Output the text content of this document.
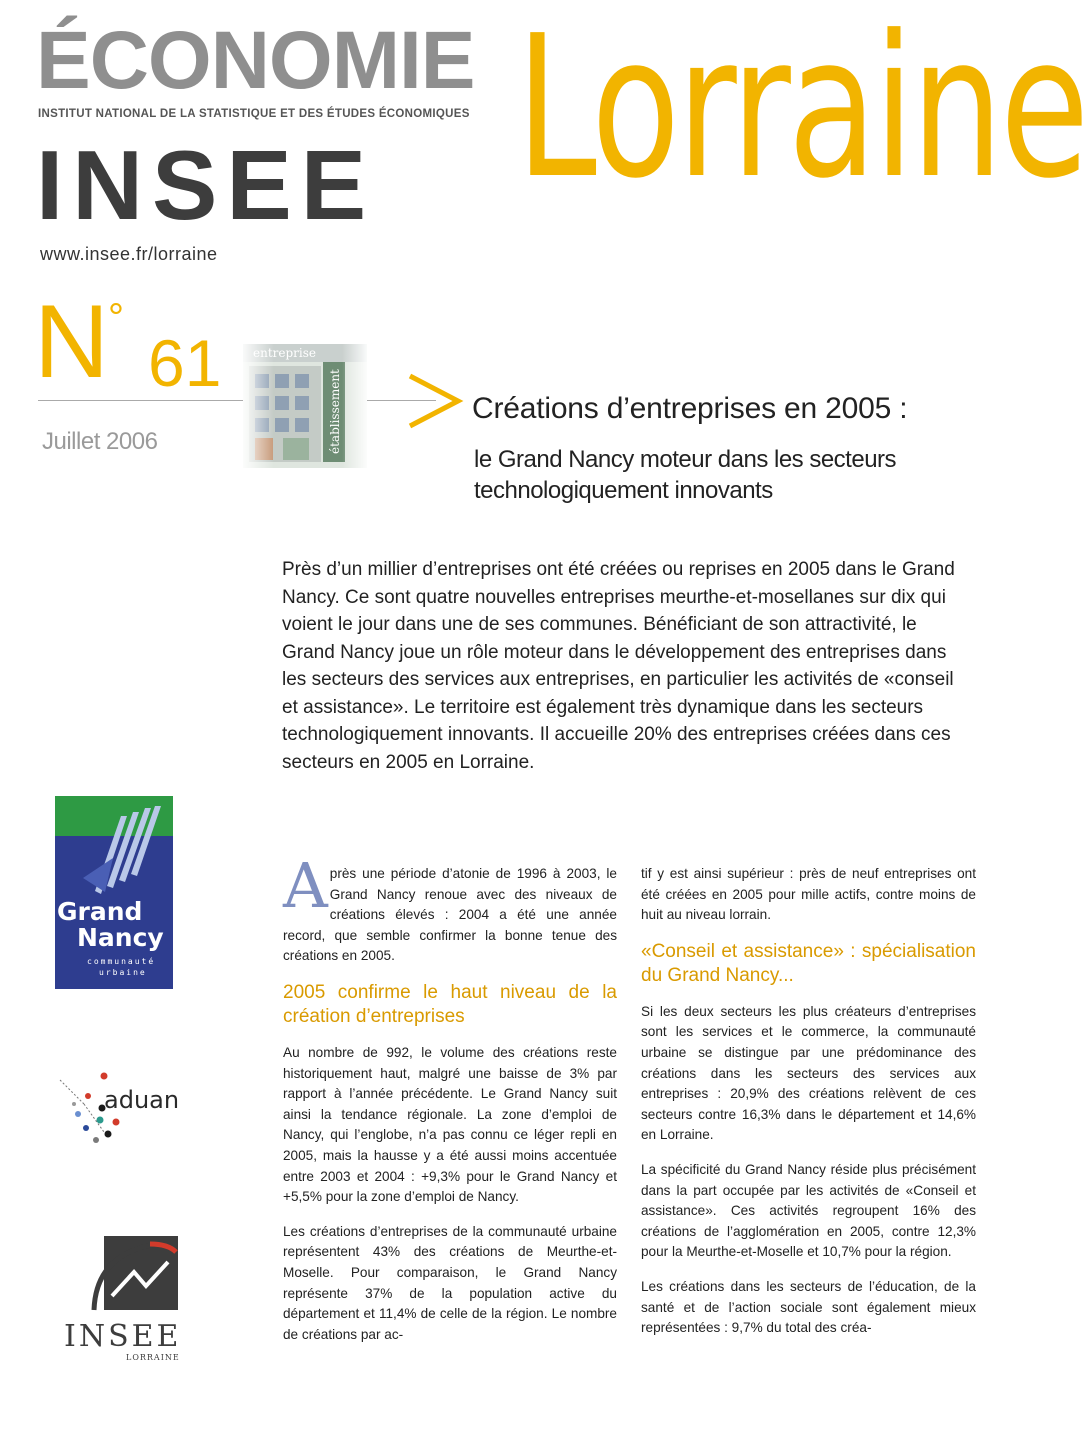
ÉCONOMIE
INSTITUT NATIONAL DE LA STATISTIQUE ET DES ÉTUDES ÉCONOMIQUES
INSEE
www.insee.fr/lorraine
Lorraine
N
°
61
Juillet 2006
Créations d’entreprises en 2005 :
le Grand Nancy moteur dans les secteurs technologiquement innovants
Près d’un millier d’entreprises ont été créées ou reprises en 2005 dans le Grand Nancy. Ce sont quatre nouvelles entreprises meurthe-et-mosellanes sur dix qui voient le jour dans une de ses communes. Bénéficiant de son attractivité, le Grand Nancy joue un rôle moteur dans le développement des entreprises dans les secteurs des services aux entreprises, en particulier les activités de «conseil et assistance». Le territoire est également très dynamique dans les secteurs technologiquement innovants. Il accueille 20% des entreprises créées dans ces secteurs en 2005 en Lorraine.
Grand
Nancy
communauté
urbaine
aduan
INSEE
LORRAINE

Après une période d’atonie de 1996 à 2003, le Grand Nancy renoue avec des niveaux de créations élevés : 2004 a été une année record, que semble confirmer la bonne tenue des créations en 2005.

2005 confirme le haut niveau de la création d’entreprises

Au nombre de 992, le volume des créations reste historiquement haut, malgré une baisse de 3% par rapport à l’année précédente. Le Grand Nancy suit ainsi la tendance régionale. La zone d’emploi de Nancy, qui l’englobe, n’a pas connu ce léger repli en 2005, mais la hausse y a été aussi moins accentuée entre 2003 et 2004 : +9,3% pour le Grand Nancy et +5,5% pour la zone d’emploi de Nancy.

Les créations d’entreprises de la communauté urbaine représentent 43% des créations de Meurthe-et-Moselle. Pour comparaison, le Grand Nancy représente 37% de la population active du département et 11,4% de celle de la région. Le nombre de créations par ac-

tif y est ainsi supérieur : près de neuf entreprises ont été créées en 2005 pour mille actifs, contre moins de huit au niveau lorrain.

«Conseil et assistance» : spécialisation du Grand Nancy...

Si les deux secteurs les plus créateurs d’entreprises sont les services et le commerce, la communauté urbaine se distingue par une prédominance des créations dans les secteurs des services aux entreprises : 20,9% des créations relèvent de ces secteurs contre 16,3% dans le département et 14,6% en Lorraine.

La spécificité du Grand Nancy réside plus précisément dans la part occupée par les activités de «Conseil et assistance». Ces activités regroupent 16% des créations de l’agglomération en 2005, contre 12,3% pour la Meurthe-et-Moselle et 10,7% pour la région.

Les créations dans les secteurs de l’éducation, de la santé et de l’action sociale sont également mieux représentées : 9,7% du total des créa-
